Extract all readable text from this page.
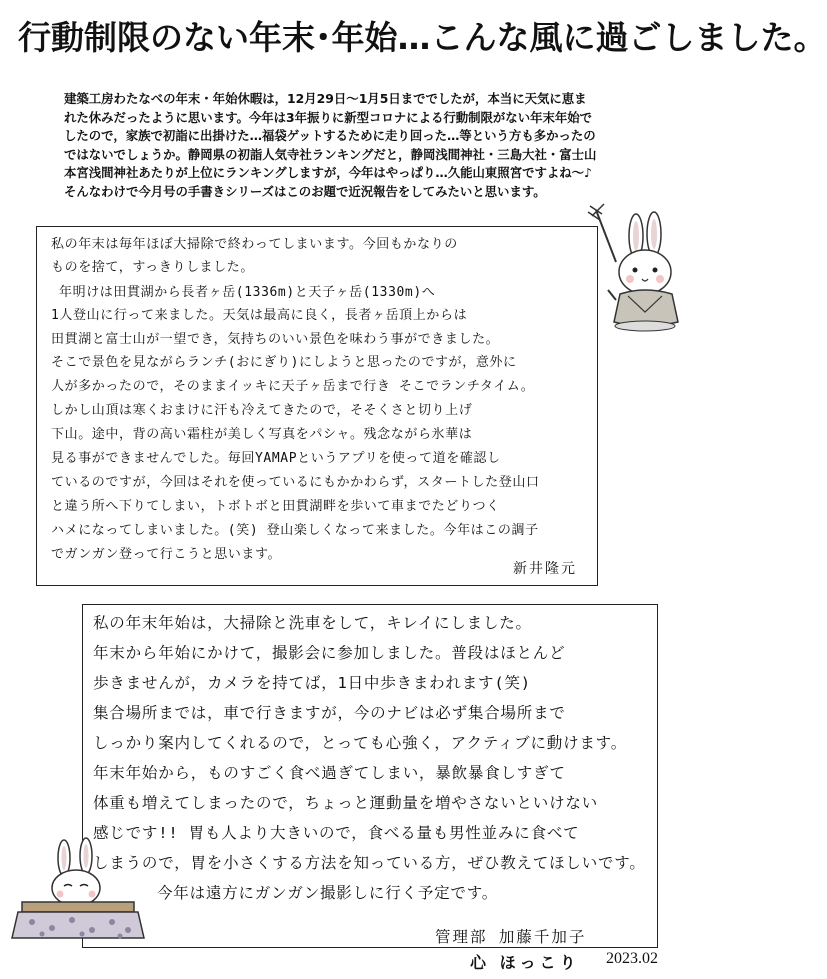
行動制限のない年末･年始…こんな風に過ごしました。

建築工房わたなべの年末・年始休暇は，12月29日～1月5日まででしたが，本当に天気に恵ま

れた休みだったように思います。今年は3年振りに新型コロナによる行動制限がない年末年始で

したので，家族で初詣に出掛けた…福袋ゲットするために走り回った…等という方も多かったの

ではないでしょうか。静岡県の初詣人気寺社ランキングだと，静岡浅間神社・三島大社・富士山

本宮浅間神社あたりが上位にランキングしますが，今年はやっぱり…久能山東照宮ですよね～♪

そんなわけで今月号の手書きシリーズはこのお題で近況報告をしてみたいと思います。

私の年末は毎年ほぼ大掃除で終わってしまいます。今回もかなりの
ものを捨て，すっきりしました。
年明けは田貫湖から長者ヶ岳(1336m)と天子ヶ岳(1330m)へ
1人登山に行って来ました。天気は最高に良く，長者ヶ岳頂上からは
田貫湖と富士山が一望でき，気持ちのいい景色を味わう事ができました。
そこで景色を見ながらランチ(おにぎり)にしようと思ったのですが，意外に
人が多かったので，そのままイッキに天子ヶ岳まで行き そこでランチタイム。
しかし山頂は寒くおまけに汗も冷えてきたので，そそくさと切り上げ
下山。途中，背の高い霜柱が美しく写真をパシャ。残念ながら氷華は
見る事ができませんでした。毎回YAMAPというアプリを使って道を確認し
ているのですが，今回はそれを使っているにもかかわらず，スタートした登山口
と違う所へ下りてしまい，トボトボと田貫湖畔を歩いて車までたどりつく
ハメになってしまいました。(笑) 登山楽しくなって来ました。今年はこの調子
でガンガン登って行こうと思います。
新井隆元
私の年末年始は，大掃除と洗車をして，キレイにしました。
年末から年始にかけて，撮影会に参加しました。普段はほとんど
歩きませんが，カメラを持てば，1日中歩きまわれます(笑)
集合場所までは，車で行きますが，今のナビは必ず集合場所まで
しっかり案内してくれるので，とっても心強く，アクティブに動けます。
年末年始から，ものすごく食べ過ぎてしまい，暴飲暴食しすぎて
体重も増えてしまったので，ちょっと運動量を増やさないといけない
感じです!! 胃も人より大きいので，食べる量も男性並みに食べて
しまうので，胃を小さくする方法を知っている方，ぜひ教えてほしいです。
今年は遠方にガンガン撮影しに行く予定です。
管理部 加藤千加子
心 ほっこり 2023.02
